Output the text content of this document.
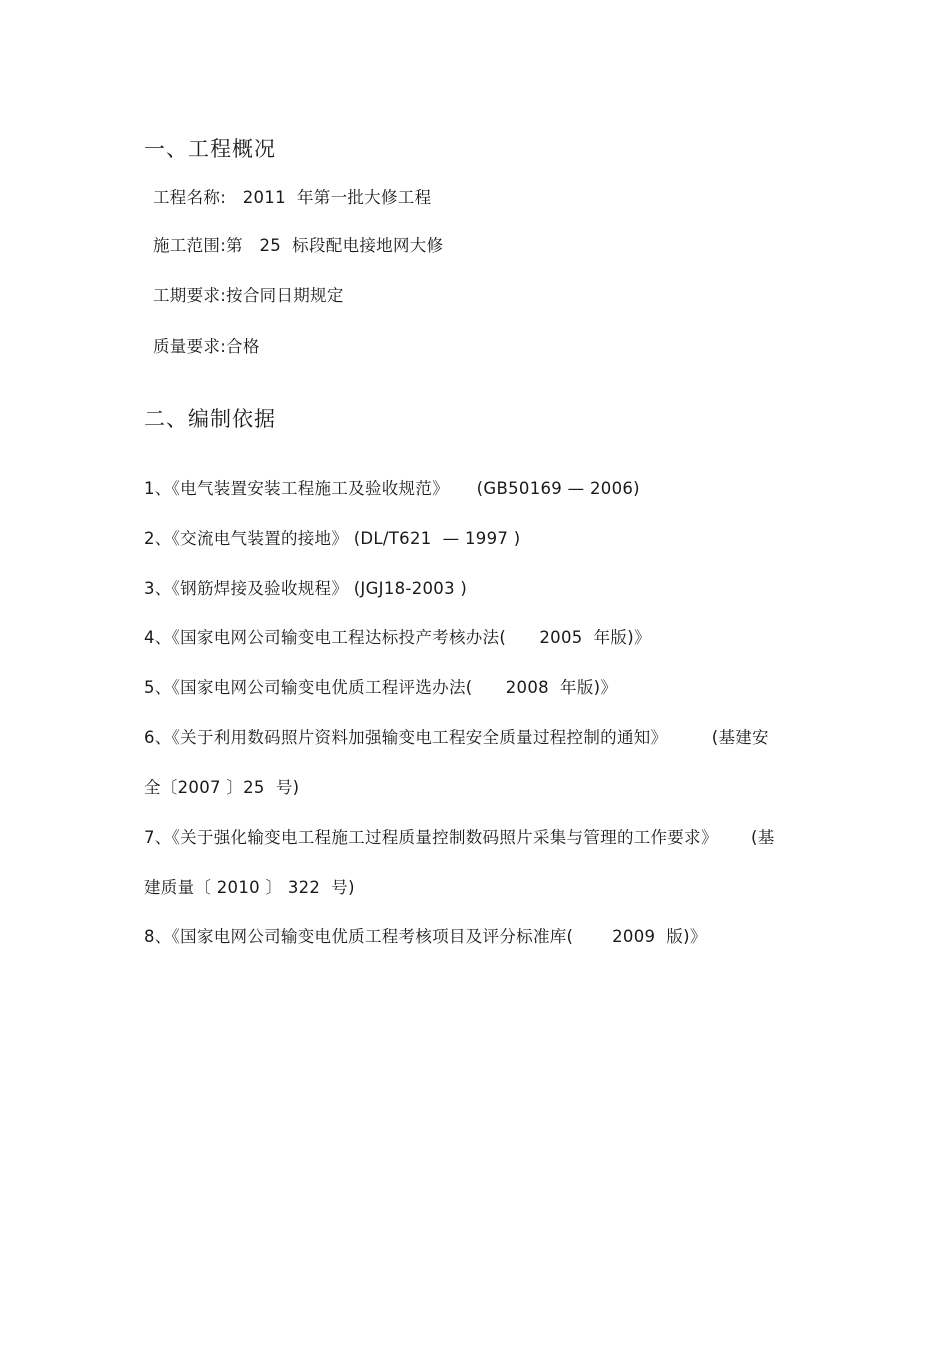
一、工程概况
工程名称:   2011  年第一批大修工程
施工范围:第   25  标段配电接地网大修
工期要求:按合同日期规定
质量要求:合格
二、编制依据
1、《电气装置安装工程施工及验收规范》     (GB50169 — 2006)
2、《交流电气装置的接地》 (DL/T621  — 1997 )
3、《钢筋焊接及验收规程》 (JGJ18-2003 )
4、《国家电网公司输变电工程达标投产考核办法(      2005  年版)》
5、《国家电网公司输变电优质工程评选办法(      2008  年版)》
6、《关于利用数码照片资料加强输变电工程安全质量过程控制的通知》        (基建安
全〔2007 〕25  号)
7、《关于强化输变电工程施工过程质量控制数码照片采集与管理的工作要求》      (基
建质量〔 2010 〕 322  号)
8、《国家电网公司输变电优质工程考核项目及评分标准库(       2009  版)》
